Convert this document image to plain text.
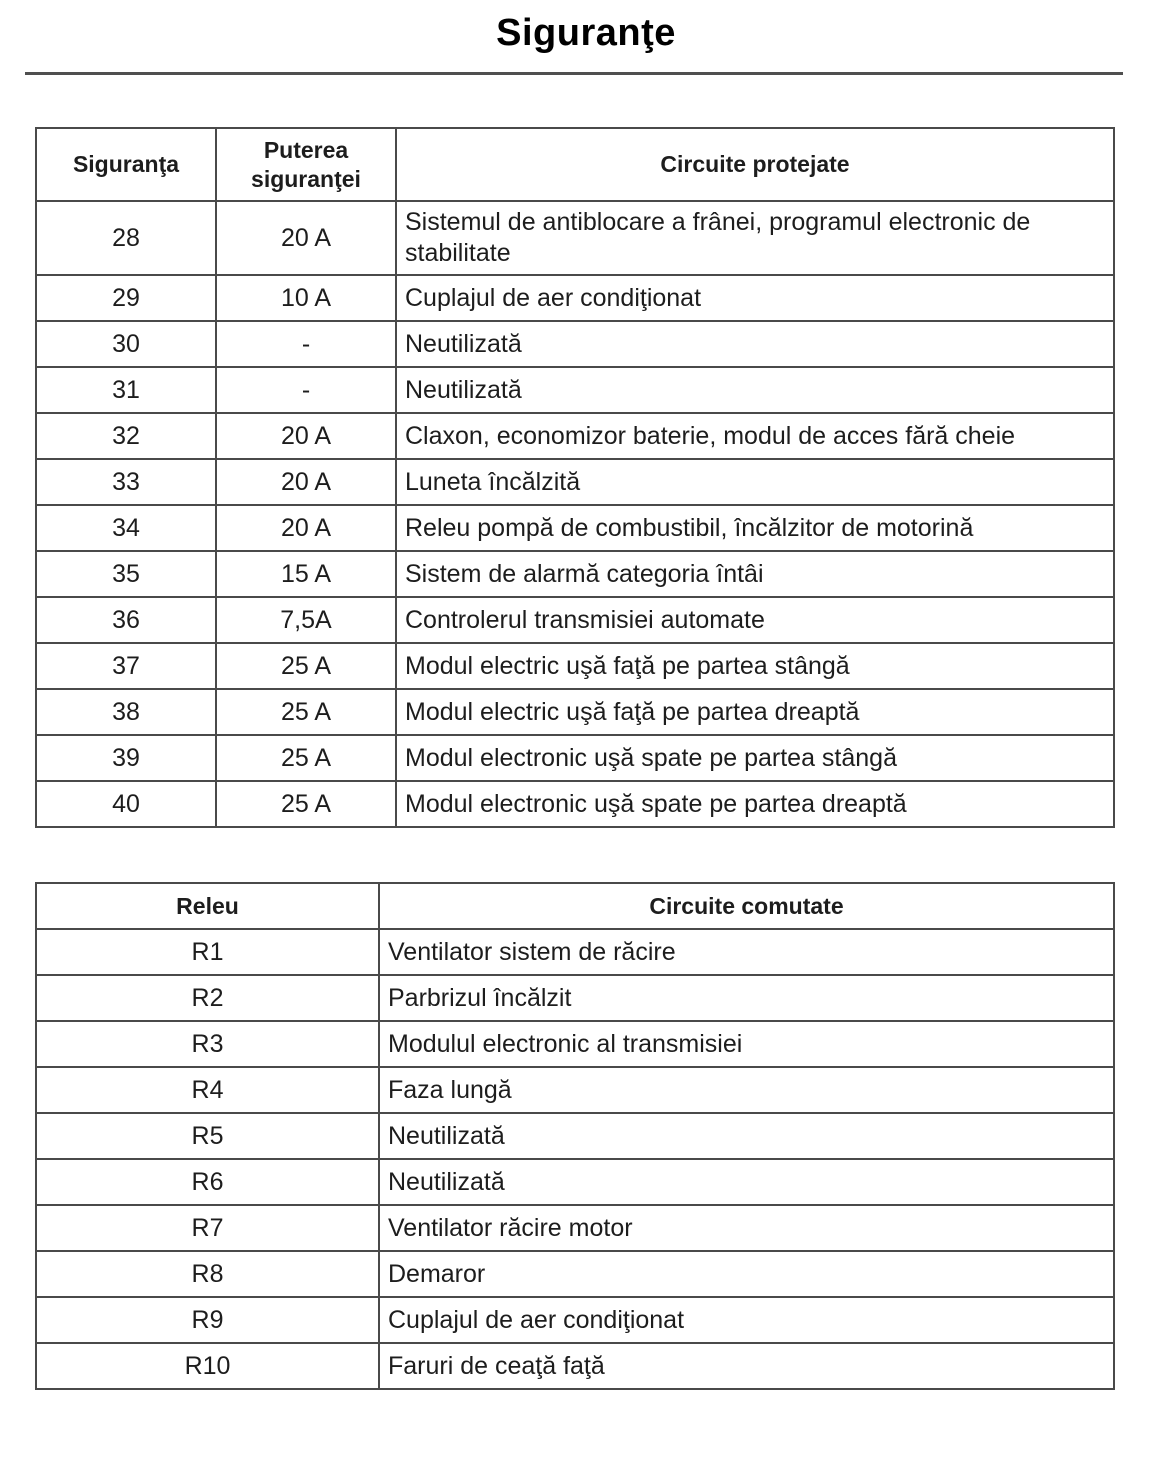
Siguranţe
Siguranţa	Puterea siguranţei	Circuite protejate
28	20 A	Sistemul de antiblocare a frânei, programul electronic de stabilitate
29	10 A	Cuplajul de aer condiţionat
30	-	Neutilizată
31	-	Neutilizată
32	20 A	Claxon, economizor baterie, modul de acces fără cheie
33	20 A	Luneta încălzită
34	20 A	Releu pompă de combustibil, încălzitor de motorină
35	15 A	Sistem de alarmă categoria întâi
36	7,5A	Controlerul transmisiei automate
37	25 A	Modul electric uşă faţă pe partea stângă
38	25 A	Modul electric uşă faţă pe partea dreaptă
39	25 A	Modul electronic uşă spate pe partea stângă
40	25 A	Modul electronic uşă spate pe partea dreaptă
Releu	Circuite comutate
R1	Ventilator sistem de răcire
R2	Parbrizul încălzit
R3	Modulul electronic al transmisiei
R4	Faza lungă
R5	Neutilizată
R6	Neutilizată
R7	Ventilator răcire motor
R8	Demaror
R9	Cuplajul de aer condiţionat
R10	Faruri de ceaţă faţă
